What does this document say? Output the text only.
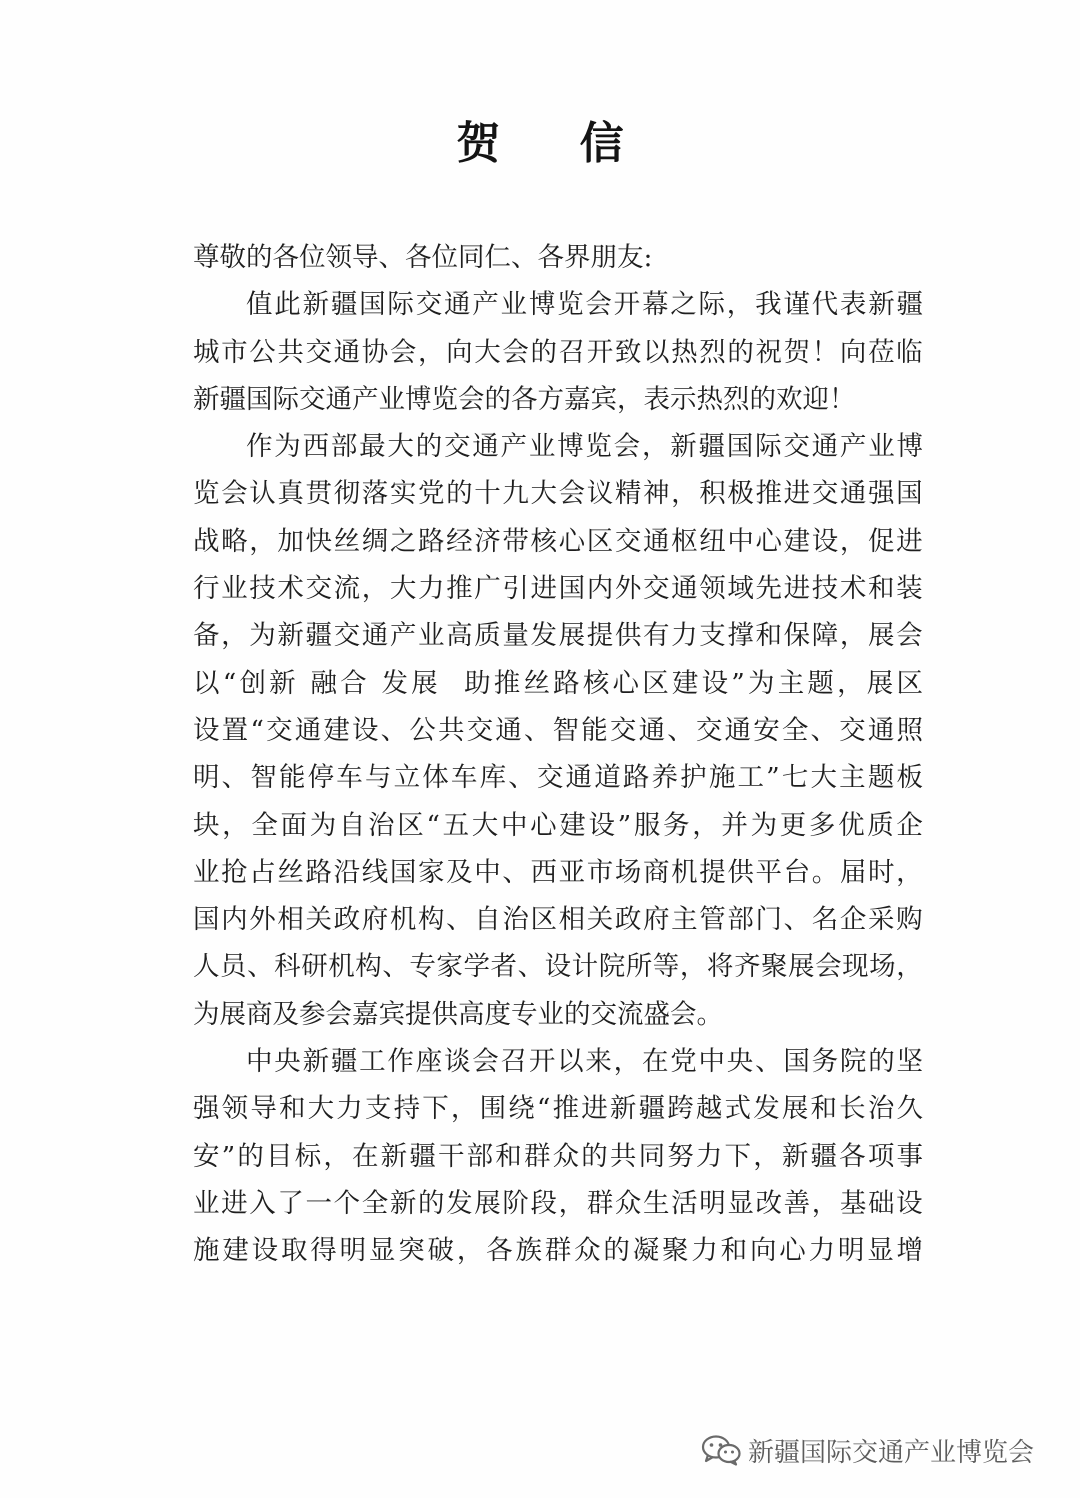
贺 信
尊敬的各位领导、各位同仁、各界朋友:
值 此 新 疆 国 际 交 通 产 业 博 览 会 开 幕 之 际 ， 我 谨 代 表 新 疆
城 市 公 共 交 通 协 会 ， 向 大 会 的 召 开 致 以 热 烈 的 祝 贺 ！ 向 莅 临
新疆国际交通产业博览会的各方嘉宾，表示热烈的欢迎！
作 为 西 部 最 大 的 交 通 产 业 博 览 会 ， 新 疆 国 际 交 通 产 业 博
览 会 认 真 贯 彻 落 实 党 的 十 九 大 会 议 精 神 ， 积 极 推 进 交 通 强 国
战 略 ， 加 快 丝 绸 之 路 经 济 带 核 心 区 交 通 枢 纽 中 心 建 设 ， 促 进
行 业 技 术 交 流 ， 大 力 推 广 引 进 国 内 外 交 通 领 域 先 进 技 术 和 装
备 ， 为 新 疆 交 通 产 业 高 质 量 发 展 提 供 有 力 支 撑 和 保 障 ， 展 会
以 “ 创 新
融 合
发 展

助 推 丝 路 核 心 区 建 设 ” 为 主 题 ， 展 区
设 置 “ 交 通 建 设 、 公 共 交 通 、 智 能 交 通 、 交 通 安 全 、 交 通 照
明 、 智 能 停 车 与 立 体 车 库 、 交 通 道 路 养 护 施 工 ” 七 大 主 题 板
块 ， 全 面 为 自 治 区 “ 五 大 中 心 建 设 ” 服 务 ， 并 为 更 多 优 质 企
业 抢 占 丝 路 沿 线 国 家 及 中 、 西 亚 市 场 商 机 提 供 平 台 。 届 时 ，
国 内 外 相 关 政 府 机 构 、 自 治 区 相 关 政 府 主 管 部 门 、 名 企 采 购
人 员 、 科 研 机 构 、 专 家 学 者 、 设 计 院 所 等 ， 将 齐 聚 展 会 现 场 ，
为展商及参会嘉宾提供高度专业的交流盛会。
中 央 新 疆 工 作 座 谈 会 召 开 以 来 ， 在 党 中 央 、 国 务 院 的 坚
强 领 导 和 大 力 支 持 下 ， 围 绕 “ 推 进 新 疆 跨 越 式 发 展 和 长 治 久
安 ” 的 目 标 ， 在 新 疆 干 部 和 群 众 的 共 同 努 力 下 ， 新 疆 各 项 事
业 进 入 了 一 个 全 新 的 发 展 阶 段 ， 群 众 生 活 明 显 改 善 ， 基 础 设
施 建 设 取 得 明 显 突 破 ， 各 族 群 众 的 凝 聚 力 和 向 心 力 明 显 增
新疆国际交通产业博览会
